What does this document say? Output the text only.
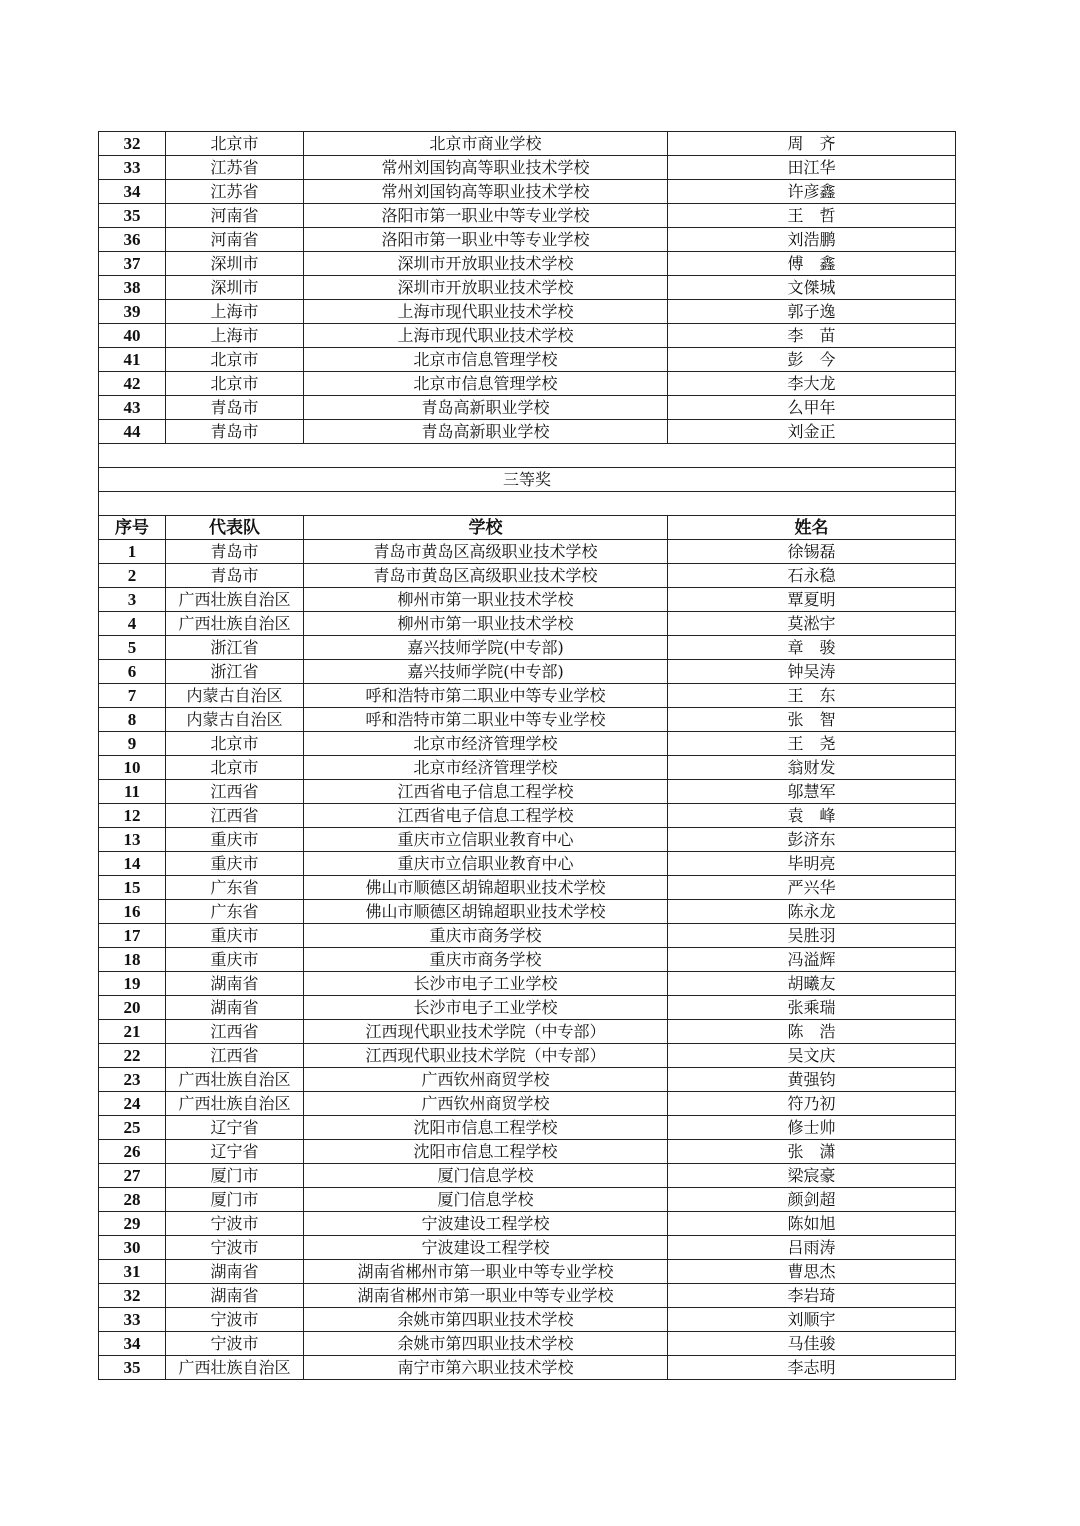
32	北京市	北京市商业学校	周　齐
33	江苏省	常州刘国钧高等职业技术学校	田江华
34	江苏省	常州刘国钧高等职业技术学校	许彦鑫
35	河南省	洛阳市第一职业中等专业学校	王　哲
36	河南省	洛阳市第一职业中等专业学校	刘浩鹏
37	深圳市	深圳市开放职业技术学校	傅　鑫
38	深圳市	深圳市开放职业技术学校	文傑城
39	上海市	上海市现代职业技术学校	郭子逸
40	上海市	上海市现代职业技术学校	李　苗
41	北京市	北京市信息管理学校	彭　今
42	北京市	北京市信息管理学校	李大龙
43	青岛市	青岛高新职业学校	么甲年
44	青岛市	青岛高新职业学校	刘金正

三等奖			

序号	代表队	学校	姓名
1	青岛市	青岛市黄岛区高级职业技术学校	徐锡磊
2	青岛市	青岛市黄岛区高级职业技术学校	石永稳
3	广西壮族自治区	柳州市第一职业技术学校	覃夏明
4	广西壮族自治区	柳州市第一职业技术学校	莫淞宇
5	浙江省	嘉兴技师学院(中专部)	章　骏
6	浙江省	嘉兴技师学院(中专部)	钟吴涛
7	内蒙古自治区	呼和浩特市第二职业中等专业学校	王　东
8	内蒙古自治区	呼和浩特市第二职业中等专业学校	张　智
9	北京市	北京市经济管理学校	王　尧
10	北京市	北京市经济管理学校	翁财发
11	江西省	江西省电子信息工程学校	邬慧军
12	江西省	江西省电子信息工程学校	袁　峰
13	重庆市	重庆市立信职业教育中心	彭济东
14	重庆市	重庆市立信职业教育中心	毕明亮
15	广东省	佛山市顺德区胡锦超职业技术学校	严兴华
16	广东省	佛山市顺德区胡锦超职业技术学校	陈永龙
17	重庆市	重庆市商务学校	吴胜羽
18	重庆市	重庆市商务学校	冯溢辉
19	湖南省	长沙市电子工业学校	胡曦友
20	湖南省	长沙市电子工业学校	张乘瑞
21	江西省	江西现代职业技术学院（中专部）	陈　浩
22	江西省	江西现代职业技术学院（中专部）	吴文庆
23	广西壮族自治区	广西钦州商贸学校	黄强钧
24	广西壮族自治区	广西钦州商贸学校	符乃初
25	辽宁省	沈阳市信息工程学校	修士帅
26	辽宁省	沈阳市信息工程学校	张　潇
27	厦门市	厦门信息学校	梁宸豪
28	厦门市	厦门信息学校	颜剑超
29	宁波市	宁波建设工程学校	陈如旭
30	宁波市	宁波建设工程学校	吕雨涛
31	湖南省	湖南省郴州市第一职业中等专业学校	曹思杰
32	湖南省	湖南省郴州市第一职业中等专业学校	李岩琦
33	宁波市	余姚市第四职业技术学校	刘顺宇
34	宁波市	余姚市第四职业技术学校	马佳骏
35	广西壮族自治区	南宁市第六职业技术学校	李志明
